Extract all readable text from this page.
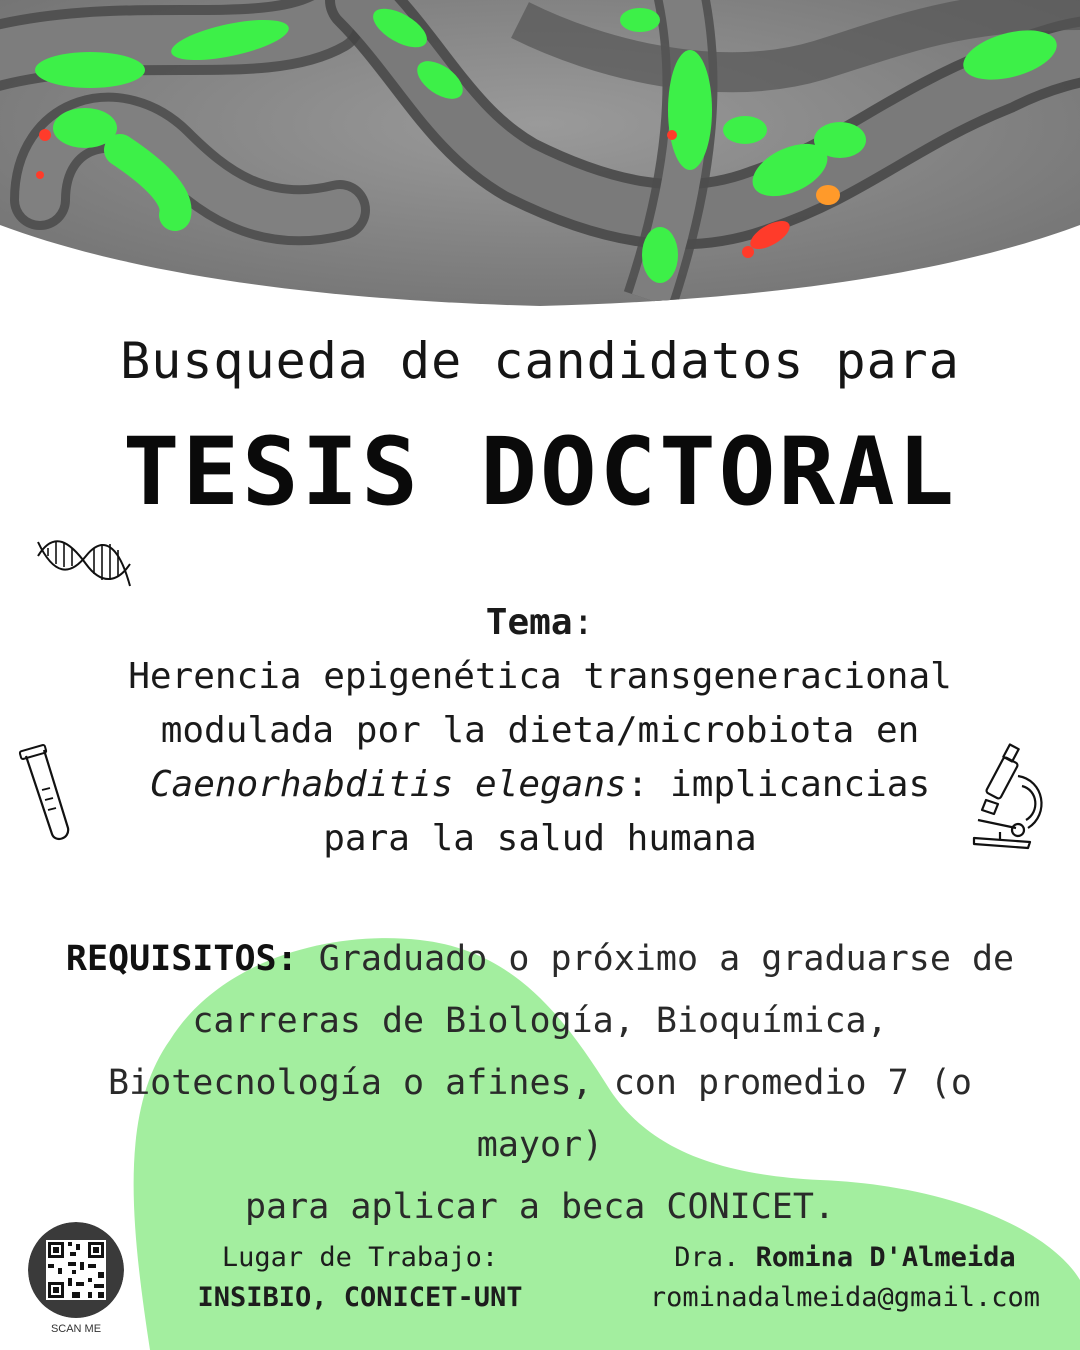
Busqueda de candidatos para
TESIS DOCTORAL
Tema:
Herencia epigenética transgeneracional
modulada por la dieta/microbiota en
Caenorhabditis elegans: implicancias
para la salud humana
REQUISITOS: Graduado o próximo a graduarse de
carreras de Biología, Bioquímica,
Biotecnología o afines, con promedio 7 (o mayor)
para aplicar a beca CONICET.
SCAN ME
Lugar de Trabajo:
INSIBIO, CONICET-UNT
Dra. Romina D'Almeida
rominadalmeida@gmail.com
